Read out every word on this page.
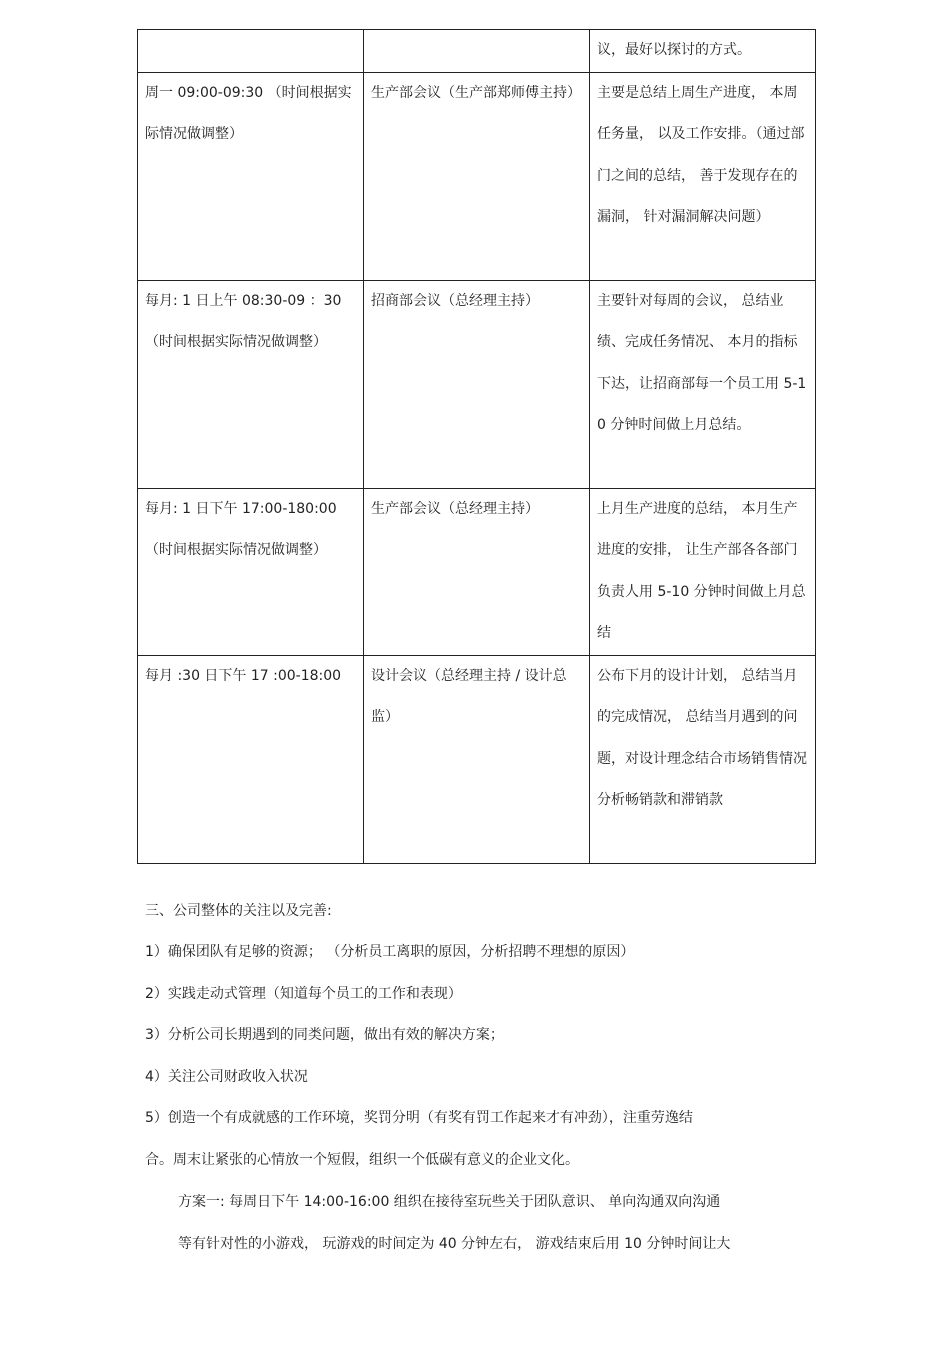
		议，最好以探讨的方式。
周一 09:00-09:30 （时间根据实际情况做调整）	生产部会议（生产部郑师傅主持）	主要是总结上周生产进度， 本周任务量， 以及工作安排。（通过部门之间的总结， 善于发现存在的漏洞， 针对漏洞解决问题）
每月: 1 日上午 08:30-09 ：30（时间根据实际情况做调整）	招商部会议（总经理主持）	主要针对每周的会议， 总结业绩、完成任务情况、 本月的指标下达，让招商部每一个员工用 5-10 分钟时间做上月总结。
每月: 1 日下午 17:00-180:00（时间根据实际情况做调整）	生产部会议（总经理主持）	上月生产进度的总结， 本月生产进度的安排， 让生产部各各部门负责人用 5-10 分钟时间做上月总结
每月 :30 日下午 17 :00-18:00	设计会议（总经理主持 / 设计总监）	公布下月的设计计划， 总结当月的完成情况， 总结当月遇到的问题，对设计理念结合市场销售情况分析畅销款和滞销款
三、公司整体的关注以及完善:
1）确保团队有足够的资源； （分析员工离职的原因，分析招聘不理想的原因）
2）实践走动式管理（知道每个员工的工作和表现）
3）分析公司长期遇到的同类问题，做出有效的解决方案；
4）关注公司财政收入状况
5）创造一个有成就感的工作环境，奖罚分明（有奖有罚工作起来才有冲劲），注重劳逸结
合。周末让紧张的心情放一个短假，组织一个低碳有意义的企业文化。
方案一: 每周日下午 14:00-16:00 组织在接待室玩些关于团队意识、 单向沟通双向沟通
等有针对性的小游戏， 玩游戏的时间定为 40 分钟左右， 游戏结束后用 10 分钟时间让大
